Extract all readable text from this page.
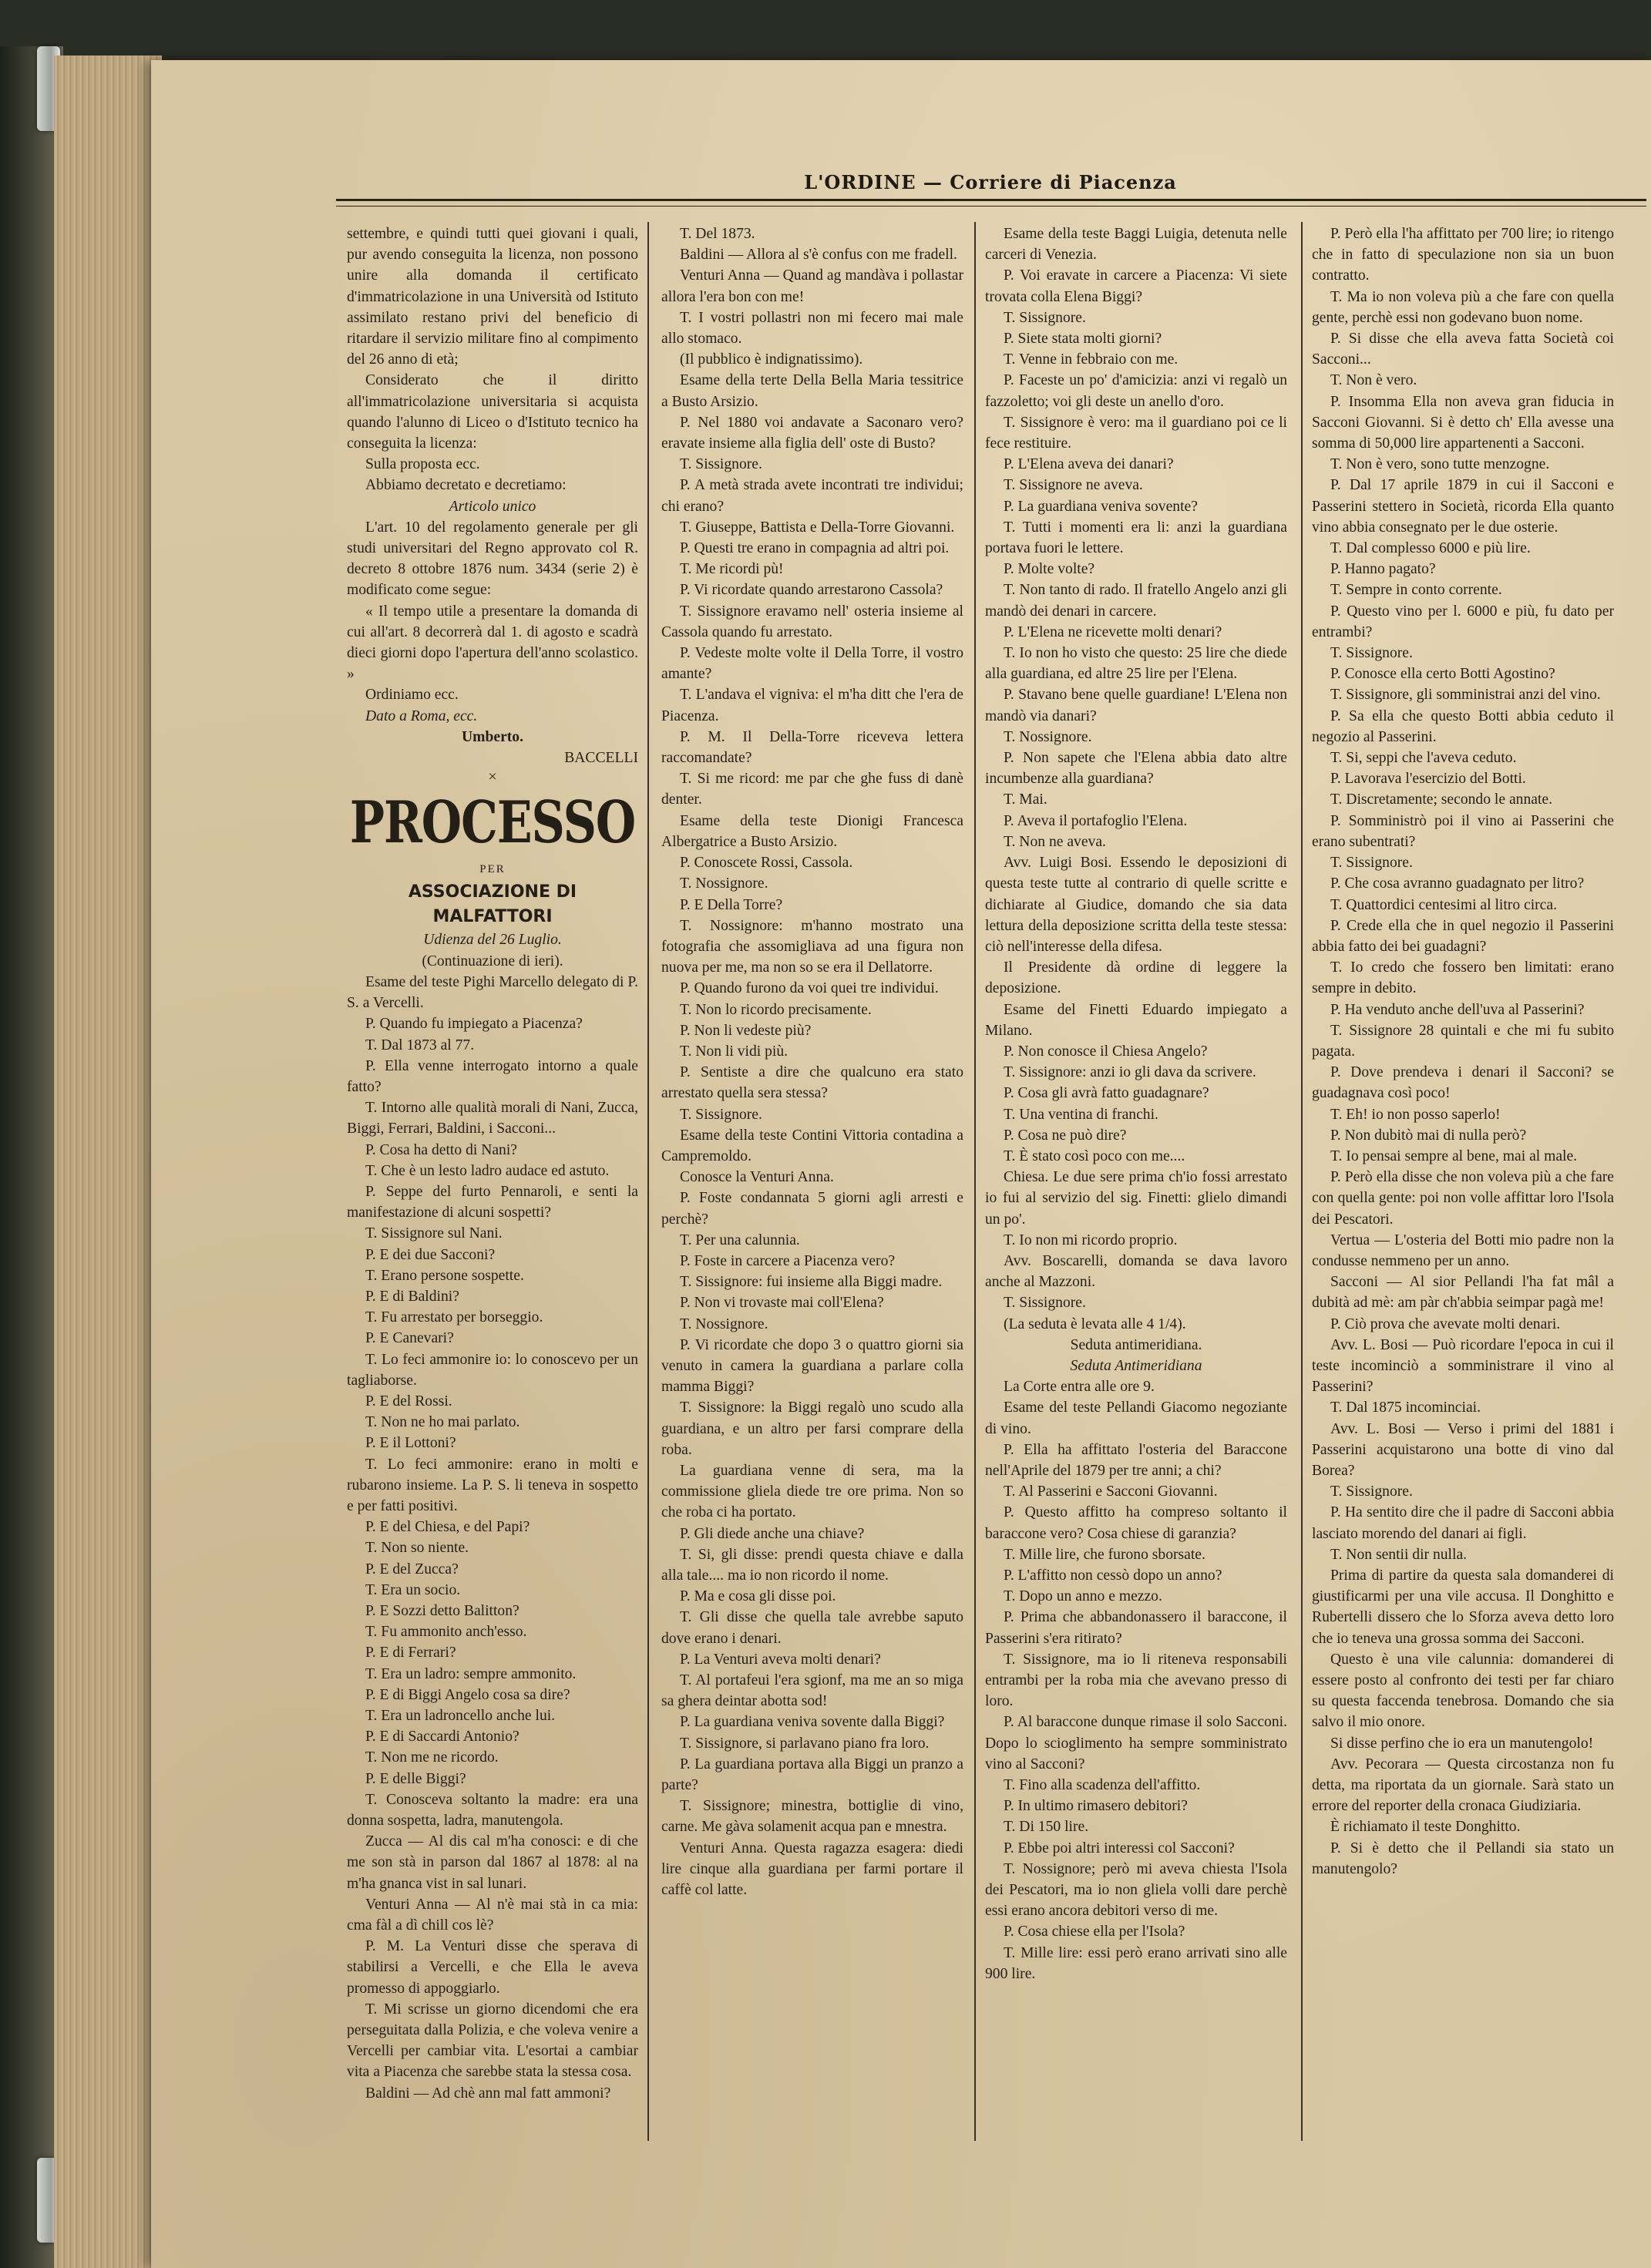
L'ORDINE — Corriere di Piacenza

settembre, e quindi tutti quei giovani i quali, pur avendo conseguita la licenza, non possono unire alla domanda il certificato d'immatricolazione in una Università od Istituto assimilato restano privi del beneficio di ritardare il servizio militare fino al compimento del 26 anno di età;

Considerato che il diritto all'immatricolazione universitaria si acquista quando l'alunno di Liceo o d'Istituto tecnico ha conseguita la licenza:

Sulla proposta ecc.

Abbiamo decretato e decretiamo:

Articolo unico

L'art. 10 del regolamento generale per gli studi universitari del Regno approvato col R. decreto 8 ottobre 1876 num. 3434 (serie 2) è modificato come segue:

« Il tempo utile a presentare la domanda di cui all'art. 8 decorrerà dal 1. di agosto e scadrà dieci giorni dopo l'apertura dell'anno scolastico. »

Ordiniamo ecc.

Dato a Roma, ecc.

Umberto.

BACCELLI

×
PROCESSO
PER
ASSOCIAZIONE DI MALFATTORI
Udienza del 26 Luglio.
(Continuazione di ieri).

Esame del teste Pighi Marcello delegato di P. S. a Vercelli.

P. Quando fu impiegato a Piacenza?

T. Dal 1873 al 77.

P. Ella venne interrogato intorno a quale fatto?

T. Intorno alle qualità morali di Nani, Zucca, Biggi, Ferrari, Baldini, i Sacconi...

P. Cosa ha detto di Nani?

T. Che è un lesto ladro audace ed astuto.

P. Seppe del furto Pennaroli, e senti la manifestazione di alcuni sospetti?

T. Sissignore sul Nani.

P. E dei due Sacconi?

T. Erano persone sospette.

P. E di Baldini?

T. Fu arrestato per borseggio.

P. E Canevari?

T. Lo feci ammonire io: lo conoscevo per un tagliaborse.

P. E del Rossi.

T. Non ne ho mai parlato.

P. E il Lottoni?

T. Lo feci ammonire: erano in molti e rubarono insieme. La P. S. li teneva in sospetto e per fatti positivi.

P. E del Chiesa, e del Papi?

T. Non so niente.

P. E del Zucca?

T. Era un socio.

P. E Sozzi detto Balitton?

T. Fu ammonito anch'esso.

P. E di Ferrari?

T. Era un ladro: sempre ammonito.

P. E di Biggi Angelo cosa sa dire?

T. Era un ladroncello anche lui.

P. E di Saccardi Antonio?

T. Non me ne ricordo.

P. E delle Biggi?

T. Conosceva soltanto la madre: era una donna sospetta, ladra, manutengola.

Zucca — Al dis cal m'ha conosci: e di che me son stà in parson dal 1867 al 1878: al na m'ha gnanca vist in sal lunari.

Venturi Anna — Al n'è mai stà in ca mia: cma fàl a dì chill cos lè?

P. M. La Venturi disse che sperava di stabilirsi a Vercelli, e che Ella le aveva promesso di appoggiarlo.

T. Mi scrisse un giorno dicendomi che era perseguitata dalla Polizia, e che voleva venire a Vercelli per cambiar vita. L'esortai a cambiar vita a Piacenza che sarebbe stata la stessa cosa.

Baldini — Ad chè ann mal fatt ammoni?

T. Del 1873.

Baldini — Allora al s'è confus con me fradell.

Venturi Anna — Quand ag mandàva i pollastar allora l'era bon con me!

T. I vostri pollastri non mi fecero mai male allo stomaco.

(Il pubblico è indignatissimo).

Esame della terte Della Bella Maria tessitrice a Busto Arsizio.

P. Nel 1880 voi andavate a Saconaro vero? eravate insieme alla figlia dell' oste di Busto?

T. Sissignore.

P. A metà strada avete incontrati tre individui; chi erano?

T. Giuseppe, Battista e Della-Torre Giovanni.

P. Questi tre erano in compagnia ad altri poi.

T. Me ricordi pù!

P. Vi ricordate quando arrestarono Cassola?

T. Sissignore eravamo nell' osteria insieme al Cassola quando fu arrestato.

P. Vedeste molte volte il Della Torre, il vostro amante?

T. L'andava el vigniva: el m'ha ditt che l'era de Piacenza.

P. M. Il Della-Torre riceveva lettera raccomandate?

T. Si me ricord: me par che ghe fuss di danè denter.

Esame della teste Dionigi Francesca Albergatrice a Busto Arsizio.

P. Conoscete Rossi, Cassola.

T. Nossignore.

P. E Della Torre?

T. Nossignore: m'hanno mostrato una fotografia che assomigliava ad una figura non nuova per me, ma non so se era il Dellatorre.

P. Quando furono da voi quei tre individui.

T. Non lo ricordo precisamente.

P. Non li vedeste più?

T. Non li vidi più.

P. Sentiste a dire che qualcuno era stato arrestato quella sera stessa?

T. Sissignore.

Esame della teste Contini Vittoria contadina a Campremoldo.

Conosce la Venturi Anna.

P. Foste condannata 5 giorni agli arresti e perchè?

T. Per una calunnia.

P. Foste in carcere a Piacenza vero?

T. Sissignore: fui insieme alla Biggi madre.

P. Non vi trovaste mai coll'Elena?

T. Nossignore.

P. Vi ricordate che dopo 3 o quattro giorni sia venuto in camera la guardiana a parlare colla mamma Biggi?

T. Sissignore: la Biggi regalò uno scudo alla guardiana, e un altro per farsi comprare della roba.

La guardiana venne di sera, ma la commissione gliela diede tre ore prima. Non so che roba ci ha portato.

P. Gli diede anche una chiave?

T. Si, gli disse: prendi questa chiave e dalla alla tale.... ma io non ricordo il nome.

P. Ma e cosa gli disse poi.

T. Gli disse che quella tale avrebbe saputo dove erano i denari.

P. La Venturi aveva molti denari?

T. Al portafeui l'era sgionf, ma me an so miga sa ghera deintar abotta sod!

P. La guardiana veniva sovente dalla Biggi?

T. Sissignore, si parlavano piano fra loro.

P. La guardiana portava alla Biggi un pranzo a parte?

T. Sissignore; minestra, bottiglie di vino, carne. Me gàva solamenit acqua pan e mnestra.

Venturi Anna. Questa ragazza esagera: diedi lire cinque alla guardiana per farmi portare il caffè col latte.

Esame della teste Baggi Luigia, detenuta nelle carceri di Venezia.

P. Voi eravate in carcere a Piacenza: Vi siete trovata colla Elena Biggi?

T. Sissignore.

P. Siete stata molti giorni?

T. Venne in febbraio con me.

P. Faceste un po' d'amicizia: anzi vi regalò un fazzoletto; voi gli deste un anello d'oro.

T. Sissignore è vero: ma il guardiano poi ce li fece restituire.

P. L'Elena aveva dei danari?

T. Sissignore ne aveva.

P. La guardiana veniva sovente?

T. Tutti i momenti era li: anzi la guardiana portava fuori le lettere.

P. Molte volte?

T. Non tanto di rado. Il fratello Angelo anzi gli mandò dei denari in carcere.

P. L'Elena ne ricevette molti denari?

T. Io non ho visto che questo: 25 lire che diede alla guardiana, ed altre 25 lire per l'Elena.

P. Stavano bene quelle guardiane! L'Elena non mandò via danari?

T. Nossignore.

P. Non sapete che l'Elena abbia dato altre incumbenze alla guardiana?

T. Mai.

P. Aveva il portafoglio l'Elena.

T. Non ne aveva.

Avv. Luigi Bosi. Essendo le deposizioni di questa teste tutte al contrario di quelle scritte e dichiarate al Giudice, domando che sia data lettura della deposizione scritta della teste stessa: ciò nell'interesse della difesa.

Il Presidente dà ordine di leggere la deposizione.

Esame del Finetti Eduardo impiegato a Milano.

P. Non conosce il Chiesa Angelo?

T. Sissignore: anzi io gli dava da scrivere.

P. Cosa gli avrà fatto guadagnare?

T. Una ventina di franchi.

P. Cosa ne può dire?

T. È stato così poco con me....

Chiesa. Le due sere prima ch'io fossi arrestato io fui al servizio del sig. Finetti: glielo dimandi un po'.

T. Io non mi ricordo proprio.

Avv. Boscarelli, domanda se dava lavoro anche al Mazzoni.

T. Sissignore.

(La seduta è levata alle 4 1/4).

Seduta antimeridiana.

Seduta Antimeridiana

La Corte entra alle ore 9.

Esame del teste Pellandi Giacomo negoziante di vino.

P. Ella ha affittato l'osteria del Baraccone nell'Aprile del 1879 per tre anni; a chi?

T. Al Passerini e Sacconi Giovanni.

P. Questo affitto ha compreso soltanto il baraccone vero? Cosa chiese di garanzia?

T. Mille lire, che furono sborsate.

P. L'affitto non cessò dopo un anno?

T. Dopo un anno e mezzo.

P. Prima che abbandonassero il baraccone, il Passerini s'era ritirato?

T. Sissignore, ma io li riteneva responsabili entrambi per la roba mia che avevano presso di loro.

P. Al baraccone dunque rimase il solo Sacconi. Dopo lo scioglimento ha sempre somministrato vino al Sacconi?

T. Fino alla scadenza dell'affitto.

P. In ultimo rimasero debitori?

T. Di 150 lire.

P. Ebbe poi altri interessi col Sacconi?

T. Nossignore; però mi aveva chiesta l'Isola dei Pescatori, ma io non gliela volli dare perchè essi erano ancora debitori verso di me.

P. Cosa chiese ella per l'Isola?

T. Mille lire: essi però erano arrivati sino alle 900 lire.

P. Però ella l'ha affittato per 700 lire; io ritengo che in fatto di speculazione non sia un buon contratto.

T. Ma io non voleva più a che fare con quella gente, perchè essi non godevano buon nome.

P. Si disse che ella aveva fatta Società coi Sacconi...

T. Non è vero.

P. Insomma Ella non aveva gran fiducia in Sacconi Giovanni. Si è detto ch' Ella avesse una somma di 50,000 lire appartenenti a Sacconi.

T. Non è vero, sono tutte menzogne.

P. Dal 17 aprile 1879 in cui il Sacconi e Passerini stettero in Società, ricorda Ella quanto vino abbia consegnato per le due osterie.

T. Dal complesso 6000 e più lire.

P. Hanno pagato?

T. Sempre in conto corrente.

P. Questo vino per l. 6000 e più, fu dato per entrambi?

T. Sissignore.

P. Conosce ella certo Botti Agostino?

T. Sissignore, gli somministrai anzi del vino.

P. Sa ella che questo Botti abbia ceduto il negozio al Passerini.

T. Si, seppi che l'aveva ceduto.

P. Lavorava l'esercizio del Botti.

T. Discretamente; secondo le annate.

P. Somministrò poi il vino ai Passerini che erano subentrati?

T. Sissignore.

P. Che cosa avranno guadagnato per litro?

T. Quattordici centesimi al litro circa.

P. Crede ella che in quel negozio il Passerini abbia fatto dei bei guadagni?

T. Io credo che fossero ben limitati: erano sempre in debito.

P. Ha venduto anche dell'uva al Passerini?

T. Sissignore 28 quintali e che mi fu subito pagata.

P. Dove prendeva i denari il Sacconi? se guadagnava così poco!

T. Eh! io non posso saperlo!

P. Non dubitò mai di nulla però?

T. Io pensai sempre al bene, mai al male.

P. Però ella disse che non voleva più a che fare con quella gente: poi non volle affittar loro l'Isola dei Pescatori.

Vertua — L'osteria del Botti mio padre non la condusse nemmeno per un anno.

Sacconi — Al sior Pellandi l'ha fat mâl a dubità ad mè: am pàr ch'abbia seimpar pagà me!

P. Ciò prova che avevate molti denari.

Avv. L. Bosi — Può ricordare l'epoca in cui il teste incominciò a somministrare il vino al Passerini?

T. Dal 1875 incominciai.

Avv. L. Bosi — Verso i primi del 1881 i Passerini acquistarono una botte di vino dal Borea?

T. Sissignore.

P. Ha sentito dire che il padre di Sacconi abbia lasciato morendo del danari ai figli.

T. Non sentii dir nulla.

Prima di partire da questa sala domanderei di giustificarmi per una vile accusa. Il Donghitto e Rubertelli dissero che lo Sforza aveva detto loro che io teneva una grossa somma dei Sacconi.

Questo è una vile calunnia: domanderei di essere posto al confronto dei testi per far chiaro su questa faccenda tenebrosa. Domando che sia salvo il mio onore.

Si disse perfino che io era un manutengolo!

Avv. Pecorara — Questa circostanza non fu detta, ma riportata da un giornale. Sarà stato un errore del reporter della cronaca Giudiziaria.

È richiamato il teste Donghitto.

P. Si è detto che il Pellandi sia stato un manutengolo?
